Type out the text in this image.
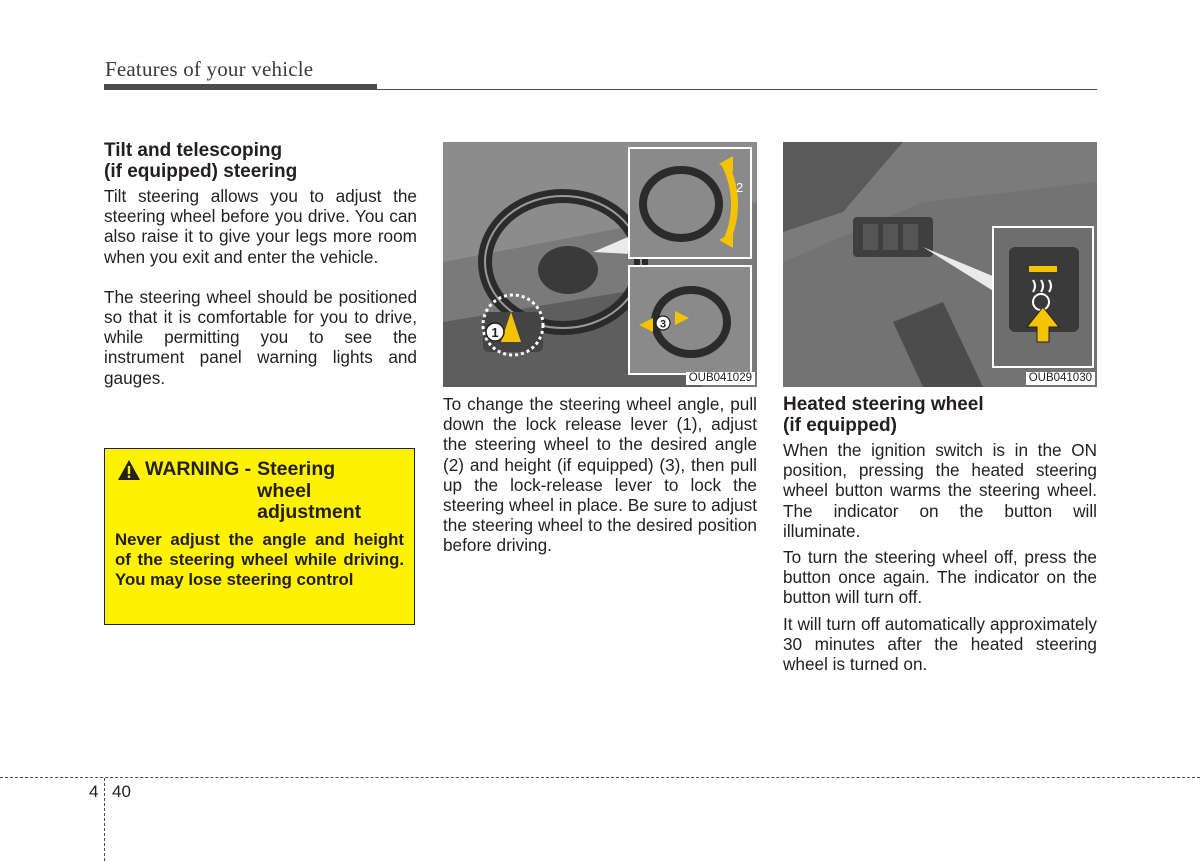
Features of your vehicle
Tilt and telescoping
(if equipped) steering
Tilt steering allows you to adjust the steering wheel before you drive. You can also raise it to give your legs more room when you exit and enter the vehicle.
The steering wheel should be positioned so that it is comfortable for you to drive, while permitting you to see the instrument panel warning lights and gauges.
WARNING - Steering
wheel
adjustment
Never adjust the angle and height of the steering wheel while driving. You may lose steering control
1
2
3
OUB041029
To change the steering wheel angle, pull down the lock release lever (1), adjust the steering wheel to the desired angle (2) and height (if equipped) (3), then pull up the lock-release lever to lock the steering wheel in place. Be sure to adjust the steering wheel to the desired position before driving.
OUB041030
Heated steering wheel
(if equipped)
When the ignition switch is in the ON position, pressing the heated steering wheel button warms the steering wheel. The indicator on the button will illuminate.
To turn the steering wheel off, press the button once again. The indicator on the button will turn off.
It will turn off automatically approximately 30 minutes after the heated steering wheel is turned on.
4 40
